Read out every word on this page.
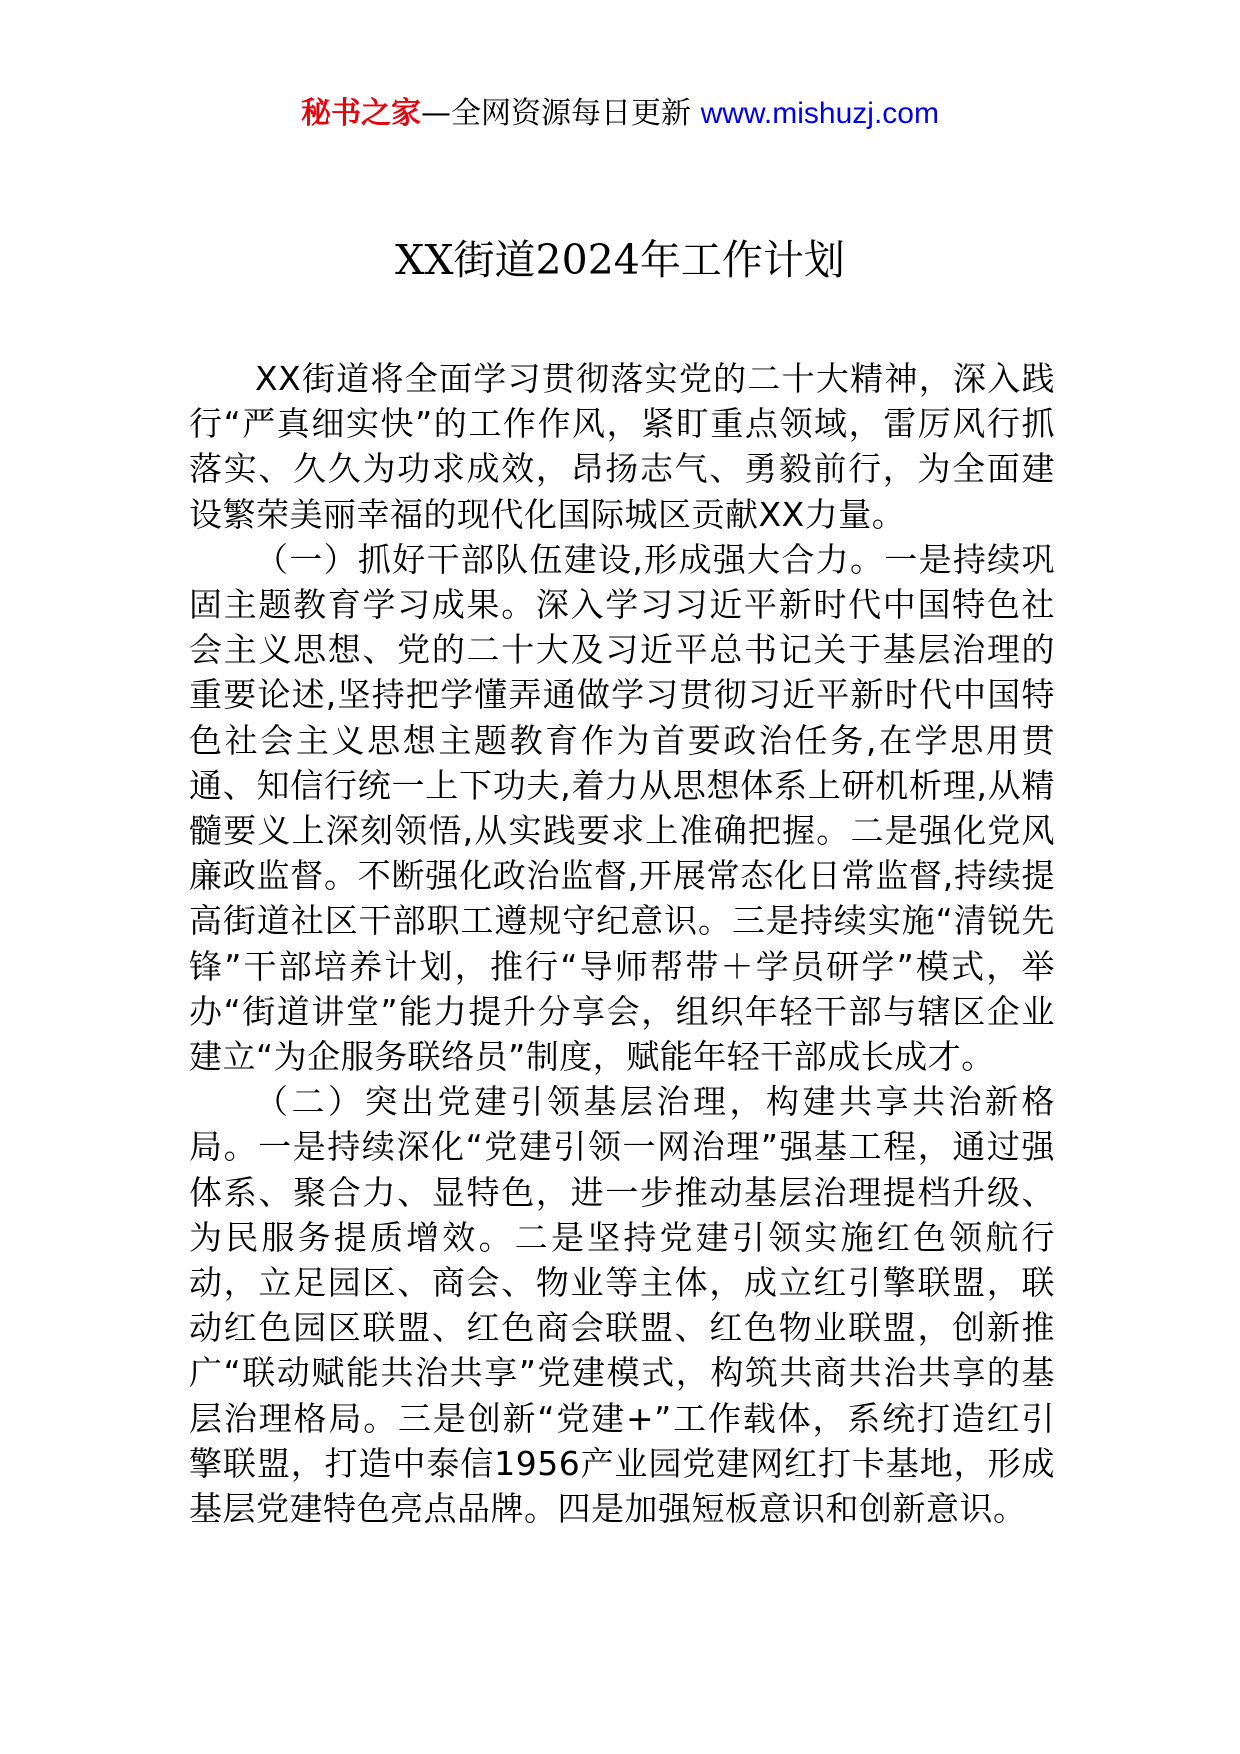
秘书之家—全网资源每日更新 www.mishuzj.com
XX街道2024年工作计划

XX街道将全面学习贯彻落实党的二十大精神，深入践行“严真细实快”的工作作风，紧盯重点领域，雷厉风行抓落实、久久为功求成效，昂扬志气、勇毅前行，为全面建设繁荣美丽幸福的现代化国际城区贡献XX力量。

（一）抓好干部队伍建设,形成强大合力。一是持续巩固主题教育学习成果。深入学习习近平新时代中国特色社会主义思想、党的二十大及习近平总书记关于基层治理的重要论述,坚持把学懂弄通做学习贯彻习近平新时代中国特色社会主义思想主题教育作为首要政治任务,在学思用贯通、知信行统一上下功夫,着力从思想体系上研机析理,从精髓要义上深刻领悟,从实践要求上准确把握。二是强化党风廉政监督。不断强化政治监督,开展常态化日常监督,持续提高街道社区干部职工遵规守纪意识。三是持续实施“清锐先锋”干部培养计划，推行“导师帮带＋学员研学”模式，举办“街道讲堂”能力提升分享会，组织年轻干部与辖区企业建立“为企服务联络员”制度，赋能年轻干部成长成才。

（二）突出党建引领基层治理，构建共享共治新格局。一是持续深化“党建引领一网治理”强基工程，通过强体系、聚合力、显特色，进一步推动基层治理提档升级、为民服务提质增效。二是坚持党建引领实施红色领航行动，立足园区、商会、物业等主体，成立红引擎联盟，联动红色园区联盟、红色商会联盟、红色物业联盟，创新推广“联动赋能共治共享”党建模式，构筑共商共治共享的基层治理格局。三是创新“党建+”工作载体，系统打造红引擎联盟，打造中泰信1956产业园党建网红打卡基地，形成基层党建特色亮点品牌。四是加强短板意识和创新意识。
